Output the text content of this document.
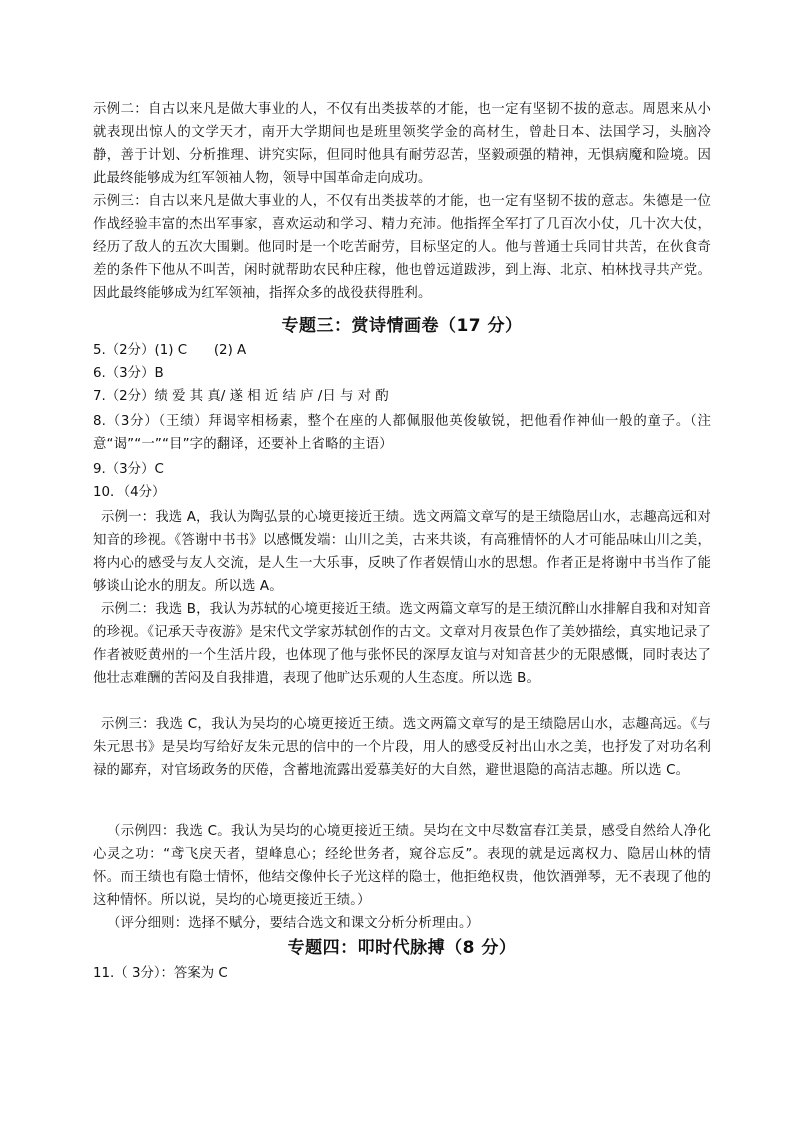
示例二：自古以来凡是做大事业的人，不仅有出类拔萃的才能，也一定有坚韧不拔的意志。周恩来从小就表现出惊人的文学天才，南开大学期间也是班里领奖学金的高材生，曾赴日本、法国学习，头脑冷静，善于计划、分析推理、讲究实际，但同时他具有耐劳忍苦，坚毅顽强的精神，无惧病魔和险境。因此最终能够成为红军领袖人物，领导中国革命走向成功。

示例三：自古以来凡是做大事业的人，不仅有出类拔萃的才能，也一定有坚韧不拔的意志。朱德是一位作战经验丰富的杰出军事家，喜欢运动和学习、精力充沛。他指挥全军打了几百次小仗，几十次大仗，经历了敌人的五次大围剿。他同时是一个吃苦耐劳，目标坚定的人。他与普通士兵同甘共苦，在伙食奇差的条件下他从不叫苦，闲时就帮助农民种庄稼，他也曾远道跋涉，到上海、北京、柏林找寻共产党。因此最终能够成为红军领袖，指挥众多的战役获得胜利。

专题三：赏诗情画卷（17 分）

5.（2分）(1) C　　(2) A

6.（3分）B

7.（2分）绩 爱 其 真/ 遂 相 近 结 庐 /日 与 对 酌

8.（3分）（王绩）拜谒宰相杨素，整个在座的人都佩服他英俊敏锐，把他看作神仙一般的童子。（注意“谒”“一”“目”字的翻译，还要补上省略的主语）

9.（3分）C

10．（4分）

示例一：我选 A，我认为陶弘景的心境更接近王绩。选文两篇文章写的是王绩隐居山水，志趣高远和对知音的珍视。《答谢中书书》以感慨发端：山川之美，古来共谈，有高雅情怀的人才可能品味山川之美，将内心的感受与友人交流，是人生一大乐事，反映了作者娱情山水的思想。作者正是将谢中书当作了能够谈山论水的朋友。所以选 A。

示例二：我选 B，我认为苏轼的心境更接近王绩。选文两篇文章写的是王绩沉醉山水排解自我和对知音的珍视。《记承天寺夜游》是宋代文学家苏轼创作的古文。文章对月夜景色作了美妙描绘，真实地记录了作者被贬黄州的一个生活片段，也体现了他与张怀民的深厚友谊与对知音甚少的无限感慨，同时表达了他壮志难酬的苦闷及自我排遣，表现了他旷达乐观的人生态度。所以选 B。

示例三：我选 C，我认为吴均的心境更接近王绩。选文两篇文章写的是王绩隐居山水，志趣高远。《与朱元思书》是吴均写给好友朱元思的信中的一个片段，用人的感受反衬出山水之美，也抒发了对功名利禄的鄙弃，对官场政务的厌倦，含蓄地流露出爱慕美好的大自然，避世退隐的高洁志趣。所以选 C。

（示例四：我选 C。我认为吴均的心境更接近王绩。吴均在文中尽数富春江美景，感受自然给人净化心灵之功：“鸢飞戾天者，望峰息心；经纶世务者，窥谷忘反”。表现的就是远离权力、隐居山林的情怀。而王绩也有隐士情怀，他结交像仲长子光这样的隐士，他拒绝权贵，他饮酒弹琴，无不表现了他的这种情怀。所以说，吴均的心境更接近王绩。）

（评分细则：选择不赋分，要结合选文和课文分析分析理由。）

专题四：叩时代脉搏（8 分）

11.（ 3分）：答案为 C
